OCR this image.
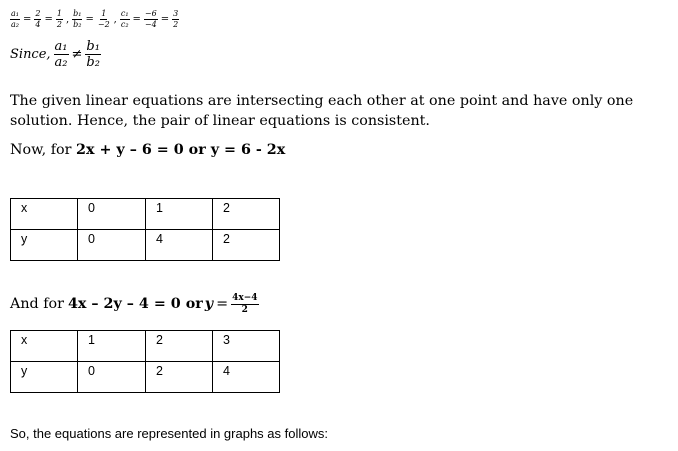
$\frac{\text{a₁}}{\text{a₂}} = \frac{2}{4} = \frac{1}{2}$ , $\frac{\text{b₁}}{\text{b₂}} = \frac{1}{-2}$ , $\frac{\text{c₁}}{\text{c₂}} = \frac{-6}{-4} = \frac{3}{2}$
Since, $\frac{\text{a₁}}{\text{a₂}} \ne \frac{\text{b₁}}{\text{b₂}}$
The given linear equations are intersecting each other at one point and have only one solution. Hence, the pair of linear equations is consistent.
Now, for 2x + y – 6 = 0 or y = 6 - 2x
x	0	1	2
y	0	4	2
And for 4x – 2y – 4 = 0 or $y = \frac{4x-4}{2}$
x	1	2	3
y	0	2	4
So, the equations are represented in graphs as follows:
